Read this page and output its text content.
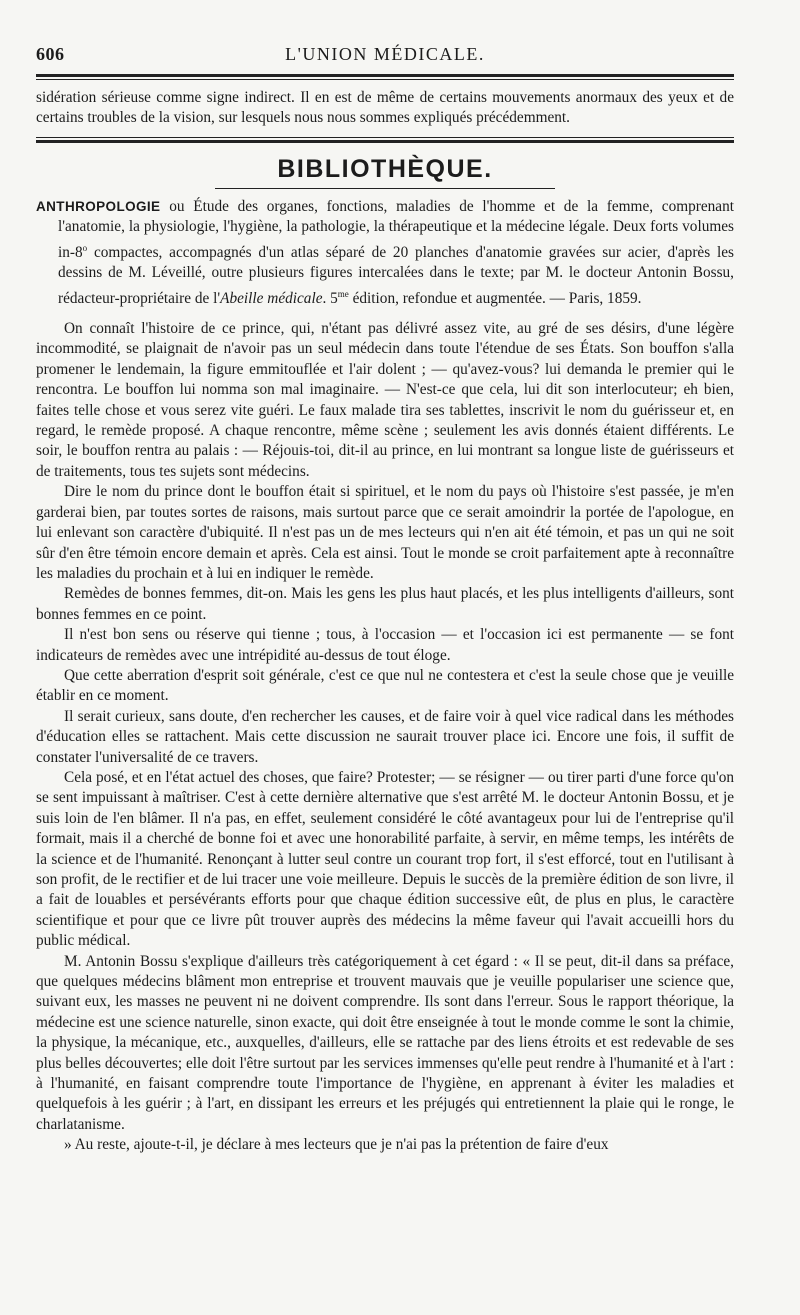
606	L'UNION MÉDICALE.

sidération sérieuse comme signe indirect. Il en est de même de certains mouvements anormaux des yeux et de certains troubles de la vision, sur lesquels nous nous sommes expliqués précédemment.

BIBLIOTHÈQUE.

ANTHROPOLOGIE ou Étude des organes, fonctions, maladies de l'homme et de la femme, comprenant l'anatomie, la physiologie, l'hygiène, la pathologie, la thérapeutique et la médecine légale. Deux forts volumes in-8$^o$ compactes, accompagnés d'un atlas séparé de 20 planches d'anatomie gravées sur acier, d'après les dessins de M. Léveillé, outre plusieurs figures intercalées dans le texte; par M. le docteur Antonin Bossu, rédacteur-propriétaire de l'Abeille médicale. $5^{me}$ édition, refondue et augmentée. — Paris, 1859.

On connaît l'histoire de ce prince, qui, n'étant pas délivré assez vite, au gré de ses désirs, d'une légère incommodité, se plaignait de n'avoir pas un seul médecin dans toute l'étendue de ses États. Son bouffon s'alla promener le lendemain, la figure emmitouflée et l'air dolent ; — qu'avez-vous? lui demanda le premier qui le rencontra. Le bouffon lui nomma son mal imaginaire. — N'est-ce que cela, lui dit son interlocuteur; eh bien, faites telle chose et vous serez vite guéri. Le faux malade tira ses tablettes, inscrivit le nom du guérisseur et, en regard, le remède proposé. A chaque rencontre, même scène ; seulement les avis donnés étaient différents. Le soir, le bouffon rentra au palais : — Réjouis-toi, dit-il au prince, en lui montrant sa longue liste de guérisseurs et de traitements, tous tes sujets sont médecins.

Dire le nom du prince dont le bouffon était si spirituel, et le nom du pays où l'histoire s'est passée, je m'en garderai bien, par toutes sortes de raisons, mais surtout parce que ce serait amoindrir la portée de l'apologue, en lui enlevant son caractère d'ubiquité. Il n'est pas un de mes lecteurs qui n'en ait été témoin, et pas un qui ne soit sûr d'en être témoin encore demain et après. Cela est ainsi. Tout le monde se croit parfaitement apte à reconnaître les maladies du prochain et à lui en indiquer le remède.

Remèdes de bonnes femmes, dit-on. Mais les gens les plus haut placés, et les plus intelligents d'ailleurs, sont bonnes femmes en ce point.

Il n'est bon sens ou réserve qui tienne ; tous, à l'occasion — et l'occasion ici est permanente — se font indicateurs de remèdes avec une intrépidité au-dessus de tout éloge.

Que cette aberration d'esprit soit générale, c'est ce que nul ne contestera et c'est la seule chose que je veuille établir en ce moment.

Il serait curieux, sans doute, d'en rechercher les causes, et de faire voir à quel vice radical dans les méthodes d'éducation elles se rattachent. Mais cette discussion ne saurait trouver place ici. Encore une fois, il suffit de constater l'universalité de ce travers.

Cela posé, et en l'état actuel des choses, que faire? Protester; — se résigner — ou tirer parti d'une force qu'on se sent impuissant à maîtriser. C'est à cette dernière alternative que s'est arrêté M. le docteur Antonin Bossu, et je suis loin de l'en blâmer. Il n'a pas, en effet, seulement considéré le côté avantageux pour lui de l'entreprise qu'il formait, mais il a cherché de bonne foi et avec une honorabilité parfaite, à servir, en même temps, les intérêts de la science et de l'humanité. Renonçant à lutter seul contre un courant trop fort, il s'est efforcé, tout en l'utilisant à son profit, de le rectifier et de lui tracer une voie meilleure. Depuis le succès de la première édition de son livre, il a fait de louables et persévérants efforts pour que chaque édition successive eût, de plus en plus, le caractère scientifique et pour que ce livre pût trouver auprès des médecins la même faveur qui l'avait accueilli hors du public médical.

M. Antonin Bossu s'explique d'ailleurs très catégoriquement à cet égard : « Il se peut, dit-il dans sa préface, que quelques médecins blâment mon entreprise et trouvent mauvais que je veuille populariser une science que, suivant eux, les masses ne peuvent ni ne doivent comprendre. Ils sont dans l'erreur. Sous le rapport théorique, la médecine est une science naturelle, sinon exacte, qui doit être enseignée à tout le monde comme le sont la chimie, la physique, la mécanique, etc., auxquelles, d'ailleurs, elle se rattache par des liens étroits et est redevable de ses plus belles découvertes; elle doit l'être surtout par les services immenses qu'elle peut rendre à l'humanité et à l'art : à l'humanité, en faisant comprendre toute l'importance de l'hygiène, en apprenant à éviter les maladies et quelquefois à les guérir ; à l'art, en dissipant les erreurs et les préjugés qui entretiennent la plaie qui le ronge, le charlatanisme.

» Au reste, ajoute-t-il, je déclare à mes lecteurs que je n'ai pas la prétention de faire d'eux
